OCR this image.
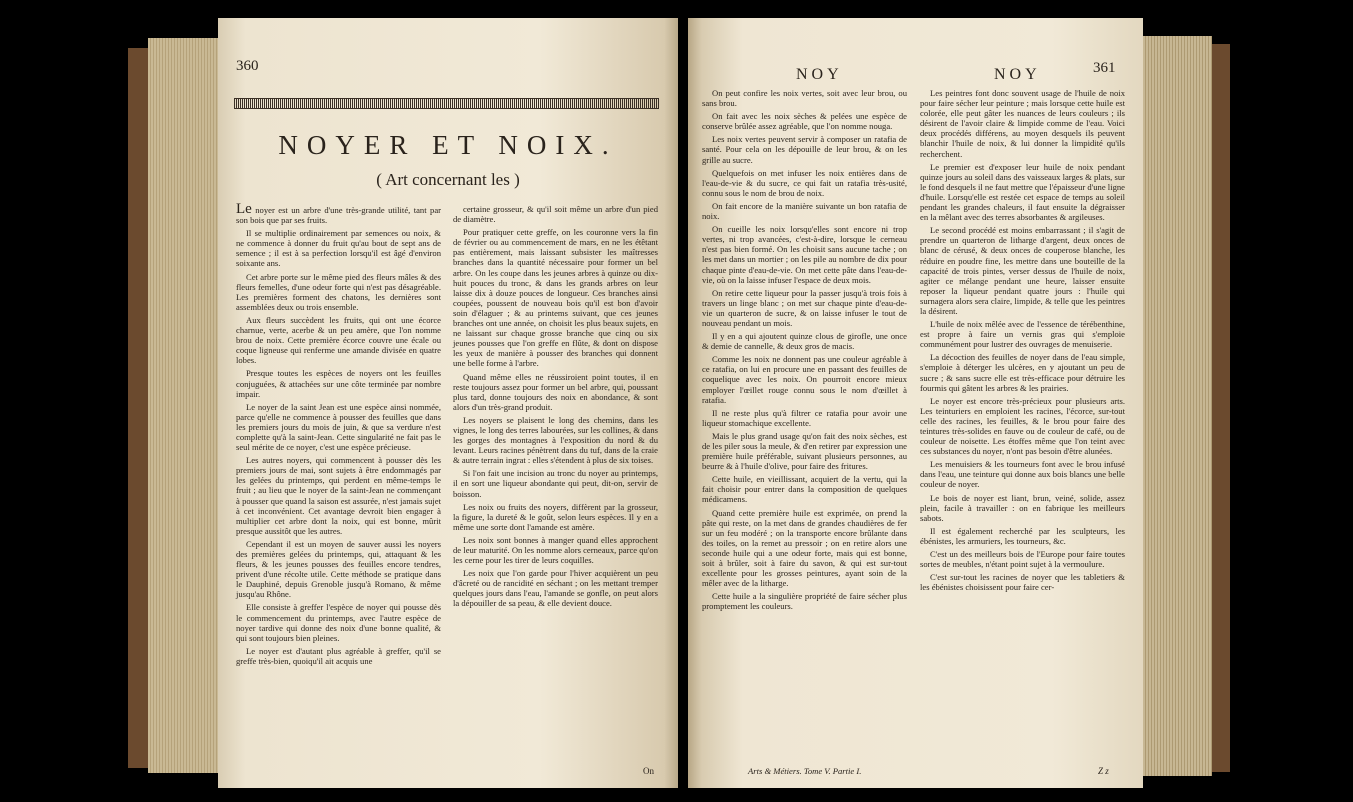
360
NOYER ET NOIX.
( Art concernant les )

Le noyer est un arbre d'une très-grande utilité, tant par son bois que par ses fruits.

Il se multiplie ordinairement par semences ou noix, & ne commence à donner du fruit qu'au bout de sept ans de semence ; il est à sa perfection lorsqu'il est âgé d'environ soixante ans.

Cet arbre porte sur le même pied des fleurs mâles & des fleurs femelles, d'une odeur forte qui n'est pas désagréable. Les premières forment des chatons, les dernières sont assemblées deux ou trois ensemble.

Aux fleurs succèdent les fruits, qui ont une écorce charnue, verte, acerbe & un peu amère, que l'on nomme brou de noix. Cette première écorce couvre une écale ou coque ligneuse qui renferme une amande divisée en quatre lobes.

Presque toutes les espèces de noyers ont les feuilles conjuguées, & attachées sur une côte terminée par nombre impair.

Le noyer de la saint Jean est une espèce ainsi nommée, parce qu'elle ne commence à pousser des feuilles que dans les premiers jours du mois de juin, & que sa verdure n'est complette qu'à la saint-Jean. Cette singularité ne fait pas le seul mérite de ce noyer, c'est une espèce précieuse.

Les autres noyers, qui commencent à pousser dès les premiers jours de mai, sont sujets à être endommagés par les gelées du printemps, qui perdent en même-temps le fruit ; au lieu que le noyer de la saint-Jean ne commençant à pousser que quand la saison est assurée, n'est jamais sujet à cet inconvénient. Cet avantage devroit bien engager à multiplier cet arbre dont la noix, qui est bonne, mûrit presque aussitôt que les autres.

Cependant il est un moyen de sauver aussi les noyers des premières gelées du printemps, qui, attaquant & les fleurs, & les jeunes pousses des feuilles encore tendres, privent d'une récolte utile. Cette méthode se pratique dans le Dauphiné, depuis Grenoble jusqu'à Romano, & même jusqu'au Rhône.

Elle consiste à greffer l'espèce de noyer qui pousse dès le commencement du printemps, avec l'autre espèce de noyer tardive qui donne des noix d'une bonne qualité, & qui sont toujours bien pleines.

Le noyer est d'autant plus agréable à greffer, qu'il se greffe très-bien, quoiqu'il ait acquis une

certaine grosseur, & qu'il soit même un arbre d'un pied de diamètre.

Pour pratiquer cette greffe, on les couronne vers la fin de février ou au commencement de mars, en ne les étêtant pas entièrement, mais laissant subsister les maîtresses branches dans la quantité nécessaire pour former un bel arbre. On les coupe dans les jeunes arbres à quinze ou dix-huit pouces du tronc, & dans les grands arbres on leur laisse dix à douze pouces de longueur. Ces branches ainsi coupées, poussent de nouveau bois qu'il est bon d'avoir soin d'élaguer ; & au printems suivant, que ces jeunes branches ont une année, on choisit les plus beaux sujets, en ne laissant sur chaque grosse branche que cinq ou six jeunes pousses que l'on greffe en flûte, & dont on dispose les yeux de manière à pousser des branches qui donnent une belle forme à l'arbre.

Quand même elles ne réussiroient point toutes, il en reste toujours assez pour former un bel arbre, qui, poussant plus tard, donne toujours des noix en abondance, & sont alors d'un très-grand produit.

Les noyers se plaisent le long des chemins, dans les vignes, le long des terres labourées, sur les collines, & dans les gorges des montagnes à l'exposition du nord & du levant. Leurs racines pénètrent dans du tuf, dans de la craie & autre terrain ingrat : elles s'étendent à plus de six toises.

Si l'on fait une incision au tronc du noyer au printemps, il en sort une liqueur abondante qui peut, dit-on, servir de boisson.

Les noix ou fruits des noyers, diffèrent par la grosseur, la figure, la dureté & le goût, selon leurs espèces. Il y en a même une sorte dont l'amande est amère.

Les noix sont bonnes à manger quand elles approchent de leur maturité. On les nomme alors cerneaux, parce qu'on les cerne pour les tirer de leurs coquilles.

Les noix que l'on garde pour l'hiver acquièrent un peu d'âcreté ou de rancidité en séchant ; on les mettant tremper quelques jours dans l'eau, l'amande se gonfle, on peut alors la dépouiller de sa peau, & elle devient douce.

On
NOY	NOY	361

On peut confire les noix vertes, soit avec leur brou, ou sans brou.

On fait avec les noix sèches & pelées une espèce de conserve brûlée assez agréable, que l'on nomme nouga.

Les noix vertes peuvent servir à composer un ratafia de santé. Pour cela on les dépouille de leur brou, & on les grille au sucre.

Quelquefois on met infuser les noix entières dans de l'eau-de-vie & du sucre, ce qui fait un ratafia très-usité, connu sous le nom de brou de noix.

On fait encore de la manière suivante un bon ratafia de noix.

On cueille les noix lorsqu'elles sont encore ni trop vertes, ni trop avancées, c'est-à-dire, lorsque le cerneau n'est pas bien formé. On les choisit sans aucune tache ; on les met dans un mortier ; on les pile au nombre de dix pour chaque pinte d'eau-de-vie. On met cette pâte dans l'eau-de-vie, où on la laisse infuser l'espace de deux mois.

On retire cette liqueur pour la passer jusqu'à trois fois à travers un linge blanc ; on met sur chaque pinte d'eau-de-vie un quarteron de sucre, & on laisse infuser le tout de nouveau pendant un mois.

Il y en a qui ajoutent quinze clous de girofle, une once & demie de cannelle, & deux gros de macis.

Comme les noix ne donnent pas une couleur agréable à ce ratafia, on lui en procure une en passant des feuilles de coquelique avec les noix. On pourroit encore mieux employer l'œillet rouge connu sous le nom d'œillet à ratafia.

Il ne reste plus qu'à filtrer ce ratafia pour avoir une liqueur stomachique excellente.

Mais le plus grand usage qu'on fait des noix sèches, est de les piler sous la meule, & d'en retirer par expression une première huile préférable, suivant plusieurs personnes, au beurre & à l'huile d'olive, pour faire des fritures.

Cette huile, en vieillissant, acquiert de la vertu, qui la fait choisir pour entrer dans la composition de quelques médicamens.

Quand cette première huile est exprimée, on prend la pâte qui reste, on la met dans de grandes chaudières de fer sur un feu modéré ; on la transporte encore brûlante dans des toiles, on la remet au pressoir ; on en retire alors une seconde huile qui a une odeur forte, mais qui est bonne, soit à brûler, soit à faire du savon, & qui est sur-tout excellente pour les grosses peintures, ayant soin de la mêler avec de la litharge.

Cette huile a la singulière propriété de faire sécher plus promptement les couleurs.

Les peintres font donc souvent usage de l'huile de noix pour faire sécher leur peinture ; mais lorsque cette huile est colorée, elle peut gâter les nuances de leurs couleurs ; ils désirent de l'avoir claire & limpide comme de l'eau. Voici deux procédés différens, au moyen desquels ils peuvent blanchir l'huile de noix, & lui donner la limpidité qu'ils recherchent.

Le premier est d'exposer leur huile de noix pendant quinze jours au soleil dans des vaisseaux larges & plats, sur le fond desquels il ne faut mettre que l'épaisseur d'une ligne d'huile. Lorsqu'elle est restée cet espace de temps au soleil pendant les grandes chaleurs, il faut ensuite la dégraisser en la mêlant avec des terres absorbantes & argileuses.

Le second procédé est moins embarrassant ; il s'agit de prendre un quarteron de litharge d'argent, deux onces de blanc de cérusé, & deux onces de couperose blanche, les réduire en poudre fine, les mettre dans une bouteille de la capacité de trois pintes, verser dessus de l'huile de noix, agiter ce mélange pendant une heure, laisser ensuite reposer la liqueur pendant quatre jours : l'huile qui surnagera alors sera claire, limpide, & telle que les peintres la désirent.

L'huile de noix mêlée avec de l'essence de térébenthine, est propre à faire un vernis gras qui s'emploie communément pour lustrer des ouvrages de menuiserie.

La décoction des feuilles de noyer dans de l'eau simple, s'emploie à déterger les ulcères, en y ajoutant un peu de sucre ; & sans sucre elle est très-efficace pour détruire les fourmis qui gâtent les arbres & les prairies.

Le noyer est encore très-précieux pour plusieurs arts. Les teinturiers en emploient les racines, l'écorce, sur-tout celle des racines, les feuilles, & le brou pour faire des teintures très-solides en fauve ou de couleur de café, ou de couleur de noisette. Les étoffes même que l'on teint avec ces substances du noyer, n'ont pas besoin d'être alunées.

Les menuisiers & les tourneurs font avec le brou infusé dans l'eau, une teinture qui donne aux bois blancs une belle couleur de noyer.

Le bois de noyer est liant, brun, veiné, solide, assez plein, facile à travailler : on en fabrique les meilleurs sabots.

Il est également recherché par les sculpteurs, les ébénistes, les armuriers, les tourneurs, &c.

C'est un des meilleurs bois de l'Europe pour faire toutes sortes de meubles, n'étant point sujet à la vermoulure.

C'est sur-tout les racines de noyer que les tabletiers & les ébénistes choisissent pour faire cer-

Arts & Métiers. Tome V. Partie I.	Z z
